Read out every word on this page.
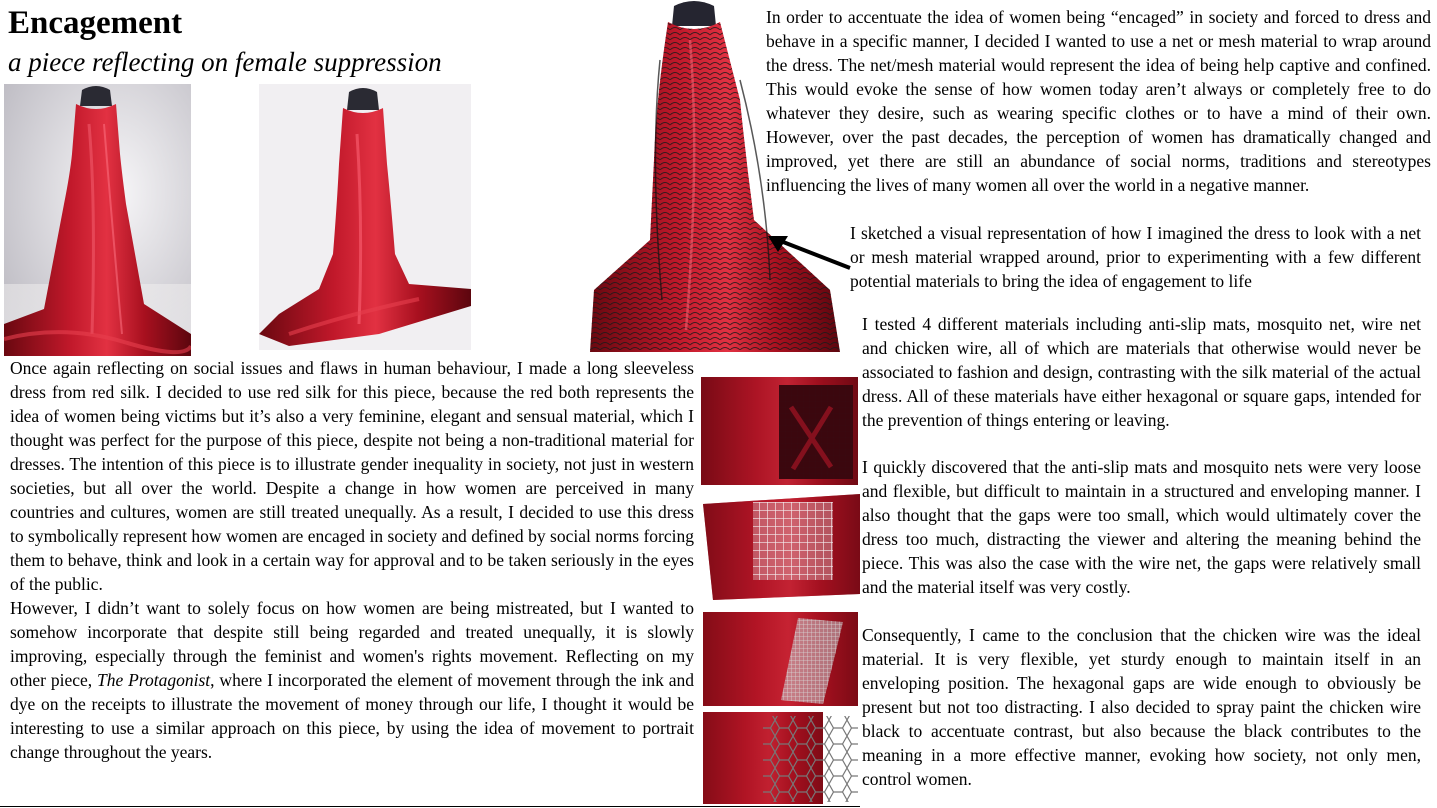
Encagement
a piece reflecting on female suppression
In order to accentuate the idea of women being “encaged” in society and forced to dress and behave in a specific manner, I decided I wanted to use a net or mesh material to wrap around the dress. The net/mesh material would represent the idea of being help captive and confined. This would evoke the sense of how women today aren’t always or completely free to do whatever they desire, such as wearing specific clothes or to have a mind of their own. However, over the past decades, the perception of women has dramatically changed and improved, yet there are still an abundance of social norms, traditions and stereotypes influencing the lives of many women all over the world in a negative manner.
I sketched a visual representation of how I imagined the dress to look with a net or mesh material wrapped around, prior to experimenting with a few different potential materials to bring the idea of engagement to life
I tested 4 different materials including anti-slip mats, mosquito net, wire net and chicken wire, all of which are materials that otherwise would never be associated to fashion and design, contrasting with the silk material of the actual dress. All of these materials have either hexagonal or square gaps, intended for the prevention of things entering or leaving.
I quickly discovered that the anti-slip mats and mosquito nets were very loose and flexible, but difficult to maintain in a structured and enveloping manner. I also thought that the gaps were too small, which would ultimately cover the dress too much, distracting the viewer and altering the meaning behind the piece. This was also the case with the wire net, the gaps were relatively small and the material itself was very costly.
Consequently, I came to the conclusion that the chicken wire was the ideal material. It is very flexible, yet sturdy enough to maintain itself in an enveloping position. The hexagonal gaps are wide enough to obviously be present but not too distracting. I also decided to spray paint the chicken wire black to accentuate contrast, but also because the black contributes to the meaning in a more effective manner, evoking how society, not only men, control women.

Once again reflecting on social issues and flaws in human behaviour, I made a long sleeveless dress from red silk. I decided to use red silk for this piece, because the red both represents the idea of women being victims but it’s also a very feminine, elegant and sensual material, which I thought was perfect for the purpose of this piece, despite not being a non-traditional material for dresses. The intention of this piece is to illustrate gender inequality in society, not just in western societies, but all over the world. Despite a change in how women are perceived in many countries and cultures, women are still treated unequally. As a result, I decided to use this dress to symbolically represent how women are encaged in society and defined by social norms forcing them to behave, think and look in a certain way for approval and to be taken seriously in the eyes of the public.

However, I didn’t want to solely focus on how women are being mistreated, but I wanted to somehow incorporate that despite still being regarded and treated unequally, it is slowly improving, especially through the feminist and women's rights movement. Reflecting on my other piece, The Protagonist, where I incorporated the element of movement through the ink and dye on the receipts to illustrate the movement of money through our life, I thought it would be interesting to use a similar approach on this piece, by using the idea of movement to portrait change throughout the years.
